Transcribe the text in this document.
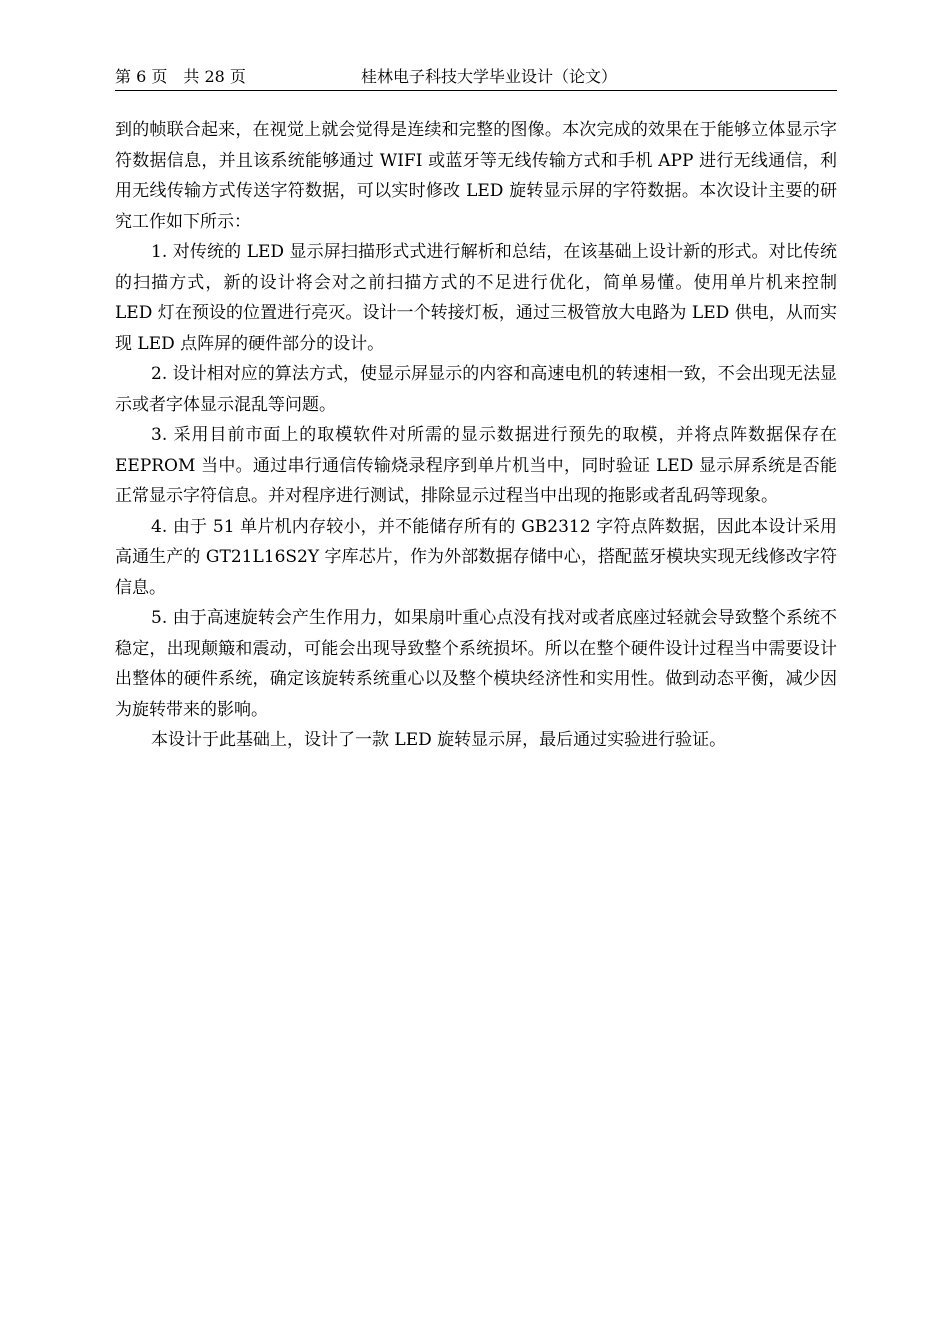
第 6 页　共 28 页	桂林电子科技大学毕业设计（论文）

到的帧联合起来，在视觉上就会觉得是连续和完整的图像。本次完成的效果在于能够立体显示字符数据信息，并且该系统能够通过 WIFI 或蓝牙等无线传输方式和手机 APP 进行无线通信，利用无线传输方式传送字符数据，可以实时修改 LED 旋转显示屏的字符数据。本次设计主要的研究工作如下所示：

1. 对传统的 LED 显示屏扫描形式式进行解析和总结，在该基础上设计新的形式。对比传统的扫描方式，新的设计将会对之前扫描方式的不足进行优化，简单易懂。使用单片机来控制 LED 灯在预设的位置进行亮灭。设计一个转接灯板，通过三极管放大电路为 LED 供电，从而实现 LED 点阵屏的硬件部分的设计。

2. 设计相对应的算法方式，使显示屏显示的内容和高速电机的转速相一致，不会出现无法显示或者字体显示混乱等问题。

3. 采用目前市面上的取模软件对所需的显示数据进行预先的取模，并将点阵数据保存在 EEPROM 当中。通过串行通信传输烧录程序到单片机当中，同时验证 LED 显示屏系统是否能正常显示字符信息。并对程序进行测试，排除显示过程当中出现的拖影或者乱码等现象。

4. 由于 51 单片机内存较小，并不能储存所有的 GB2312 字符点阵数据，因此本设计采用高通生产的 GT21L16S2Y 字库芯片，作为外部数据存储中心，搭配蓝牙模块实现无线修改字符信息。

5. 由于高速旋转会产生作用力，如果扇叶重心点没有找对或者底座过轻就会导致整个系统不稳定，出现颠簸和震动，可能会出现导致整个系统损坏。所以在整个硬件设计过程当中需要设计出整体的硬件系统，确定该旋转系统重心以及整个模块经济性和实用性。做到动态平衡，减少因为旋转带来的影响。

本设计于此基础上，设计了一款 LED 旋转显示屏，最后通过实验进行验证。
